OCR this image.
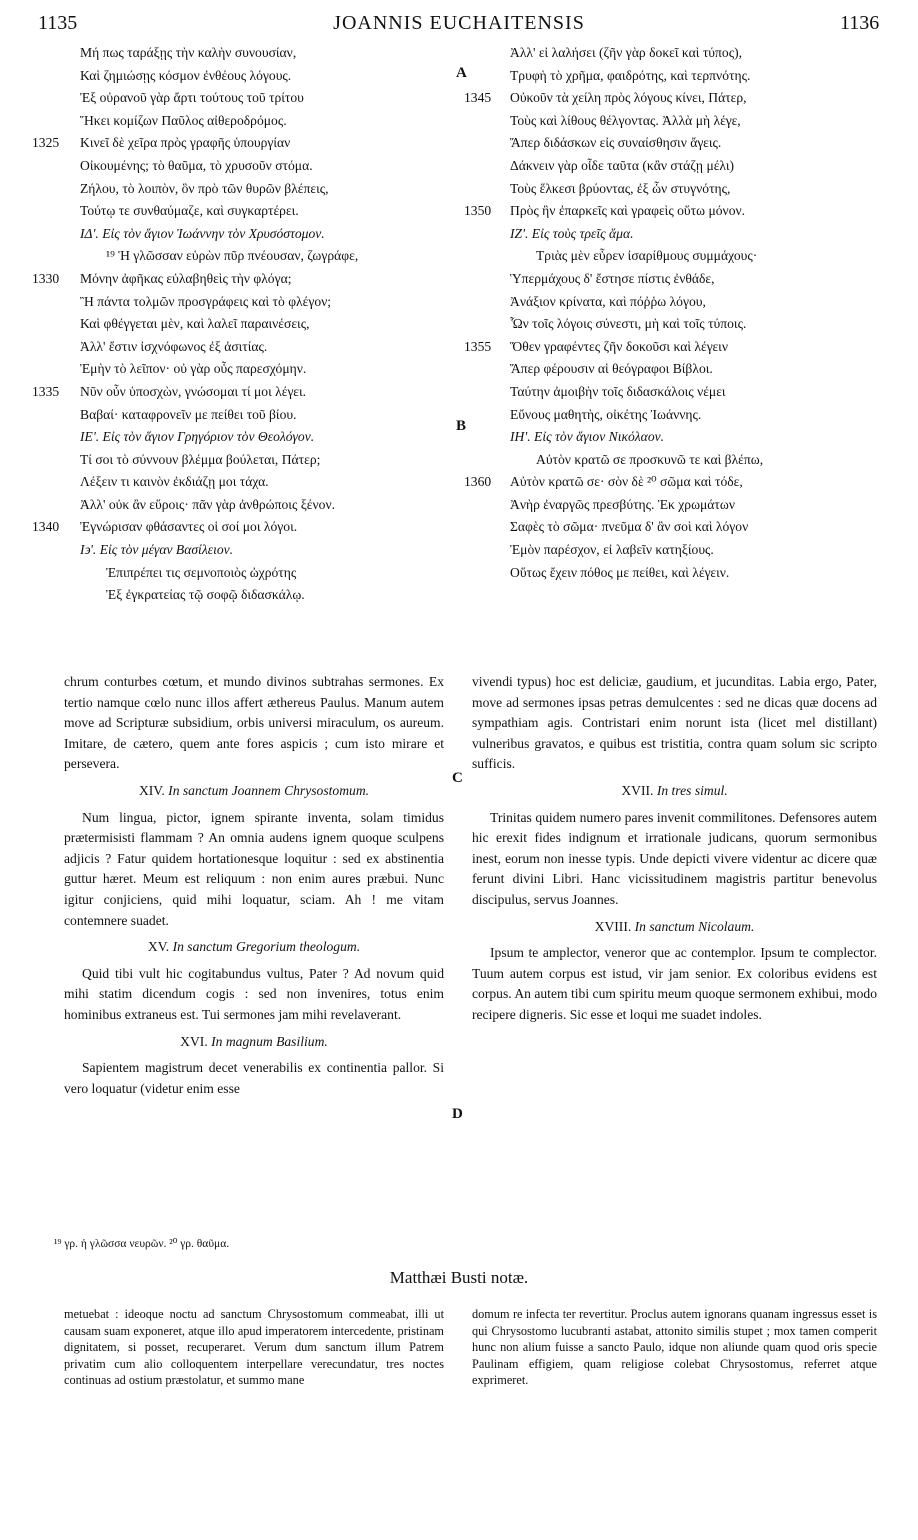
1135	JOANNIS EUCHAITENSIS	1136
Μή πως ταράξῃς τὴν καλὴν συνουσίαν,
Καὶ ζημιώσῃς κόσμον ἐνθέους λόγους.
Ἐξ οὐρανοῦ γὰρ ἄρτι τούτους τοῦ τρίτου
Ἥκει κομίζων Παῦλος αἰθεροδρόμος.
1325	Κινεῖ δὲ χεῖρα πρὸς γραφῆς ὑπουργίαν
Οἰκουμένης; τὸ θαῦμα, τὸ χρυσοῦν στόμα.
Ζήλου, τὸ λοιπὸν, ὃν πρὸ τῶν θυρῶν βλέπεις,
Τούτῳ τε συνθαύμαζε, καὶ συγκαρτέρει.
ΙΔ'. Εἰς τὸν ἅγιον Ἰωάννην τὸν Χρυσόστομον.
¹⁹ Ἡ γλῶσσαν εὑρὼν πῦρ πνέουσαν, ζωγράφε,
1330	Μόνην ἀφῆκας εὐλαβηθεὶς τὴν φλόγα;
Ἢ πάντα τολμῶν προσγράφεις καὶ τὸ φλέγον;
Καὶ φθέγγεται μὲν, καὶ λαλεῖ παραινέσεις,
Ἀλλ' ἔστιν ἰσχνόφωνος ἐξ ἀσιτίας.
Ἐμὴν τὸ λεῖπον· οὐ γὰρ οὖς παρεσχόμην.
1335	Νῦν οὖν ὑποσχὼν, γνώσομαι τί μοι λέγει.
Βαβαί· καταφρονεῖν με πείθει τοῦ βίου.
ΙΕ'. Εἰς τὸν ἅγιον Γρηγόριον τὸν Θεολόγον.
Τί σοι τὸ σύννουν βλέμμα βούλεται, Πάτερ;
Λέξειν τι καινὸν ἐκδιάζῃ μοι τάχα.
Ἀλλ' οὐκ ἂν εὕροις· πᾶν γὰρ ἀνθρώποις ξένον.
1340	Ἐγνώρισαν φθάσαντες οἱ σοί μοι λόγοι.
Ι϶'. Εἰς τὸν μέγαν Βασίλειον.
Ἐπιπρέπει τις σεμνοποιὸς ὠχρότης
Ἐξ ἐγκρατείας τῷ σοφῷ διδασκάλῳ.
Ἀλλ' εἰ λαλήσει (ζῆν γὰρ δοκεῖ καὶ τύπος),
Τρυφὴ τὸ χρῆμα, φαιδρότης, καὶ τερπνότης.
1345	Οὐκοῦν τὰ χείλη πρὸς λόγους κίνει, Πάτερ,
Τοὺς καὶ λίθους θέλγοντας. Ἀλλὰ μὴ λέγε,
Ἅπερ διδάσκων εἰς συναίσθησιν ἄγεις.
Δάκνειν γὰρ οἶδε ταῦτα (κἂν στάζῃ μέλι)
Τοὺς ἕλκεσι βρύοντας, ἐξ ὧν στυγνότης,
1350	Πρὸς ἣν ἐπαρκεῖς καὶ γραφεὶς οὕτω μόνον.
ΙΖ'. Εἰς τοὺς τρεῖς ἅμα.
Τριὰς μὲν εὗρεν ἰσαρίθμους συμμάχους·
Ὑπερμάχους δ' ἔστησε πίστις ἐνθάδε,
Ἀνάξιον κρίνατα, καὶ πόῤῥω λόγου,
Ὧν τοῖς λόγοις σύνεστι, μὴ καὶ τοῖς τύποις.
1355	Ὅθεν γραφέντες ζῆν δοκοῦσι καὶ λέγειν
Ἅπερ φέρουσιν αἱ θεόγραφοι Βίβλοι.
Ταύτην ἀμοιβὴν τοῖς διδασκάλοις νέμει
Εὔνους μαθητὴς, οἰκέτης Ἰωάννης.
ΙΗ'. Εἰς τὸν ἅγιον Νικόλαον.
Αὐτὸν κρατῶ σε προσκυνῶ τε καὶ βλέπω,
1360	Αὐτὸν κρατῶ σε· σὸν δὲ ²⁰ σῶμα καὶ τόδε,
Ἀνὴρ ἐναργῶς πρεσβύτης. Ἐκ χρωμάτων
Σαφὲς τὸ σῶμα· πνεῦμα δ' ἂν σοὶ καὶ λόγον
Ἐμὸν παρέσχον, εἰ λαβεῖν κατηξίους.
Οὕτως ἔχειν πόθος με πείθει, καὶ λέγειν.
A
B
C
D

chrum conturbes cœtum, et mundo divinos subtrahas sermones. Ex tertio namque cœlo nunc illos affert æthereus Paulus. Manum autem move ad Scripturæ subsidium, orbis universi miraculum, os aureum. Imitare, de cætero, quem ante fores aspicis ; cum isto mirare et persevera.

XIV. In sanctum Joannem Chrysostomum.

Num lingua, pictor, ignem spirante inventa, solam timidus prætermisisti flammam ? An omnia audens ignem quoque sculpens adjicis ? Fatur quidem hortationesque loquitur : sed ex abstinentia guttur hæret. Meum est reliquum : non enim aures præbui. Nunc igitur conjiciens, quid mihi loquatur, sciam. Ah ! me vitam contemnere suadet.

XV. In sanctum Gregorium theologum.

Quid tibi vult hic cogitabundus vultus, Pater ? Ad novum quid mihi statim dicendum cogis : sed non invenires, totus enim hominibus extraneus est. Tui sermones jam mihi revelaverant.

XVI. In magnum Basilium.

Sapientem magistrum decet venerabilis ex continentia pallor. Si vero loquatur (videtur enim esse

vivendi typus) hoc est deliciæ, gaudium, et jucunditas. Labia ergo, Pater, move ad sermones ipsas petras demulcentes : sed ne dicas quæ docens ad sympathiam agis. Contristari enim norunt ista (licet mel distillant) vulneribus gravatos, e quibus est tristitia, contra quam solum sic scripto sufficis.

XVII. In tres simul.

Trinitas quidem numero pares invenit commilitones. Defensores autem hic erexit fides indignum et irrationale judicans, quorum sermonibus inest, eorum non inesse typis. Unde depicti vivere videntur ac dicere quæ ferunt divini Libri. Hanc vicissitudinem magistris partitur benevolus discipulus, servus Joannes.

XVIII. In sanctum Nicolaum.

Ipsum te amplector, veneror que ac contemplor. Ipsum te complector. Tuum autem corpus est istud, vir jam senior. Ex coloribus evidens est corpus. An autem tibi cum spiritu meum quoque sermonem exhibui, modo recipere digneris. Sic esse et loqui me suadet indoles.

¹⁹ γρ. ἡ γλῶσσα νευρῶν. ²⁰ γρ. θαῦμα.
Matthæi Busti notæ.
metuebat : ideoque noctu ad sanctum Chrysostomum commeabat, illi ut causam suam exponeret, atque illo apud imperatorem intercedente, pristinam dignitatem, si posset, recuperaret. Verum dum sanctum illum Patrem privatim cum alio colloquentem interpellare verecundatur, tres noctes continuas ad ostium præstolatur, et summo mane
domum re infecta ter revertitur. Proclus autem ignorans quanam ingressus esset is qui Chrysostomo lucubranti astabat, attonito similis stupet ; mox tamen comperit hunc non alium fuisse a sancto Paulo, idque non aliunde quam quod oris specie Paulinam effigiem, quam religiose colebat Chrysostomus, referret atque exprimeret.
